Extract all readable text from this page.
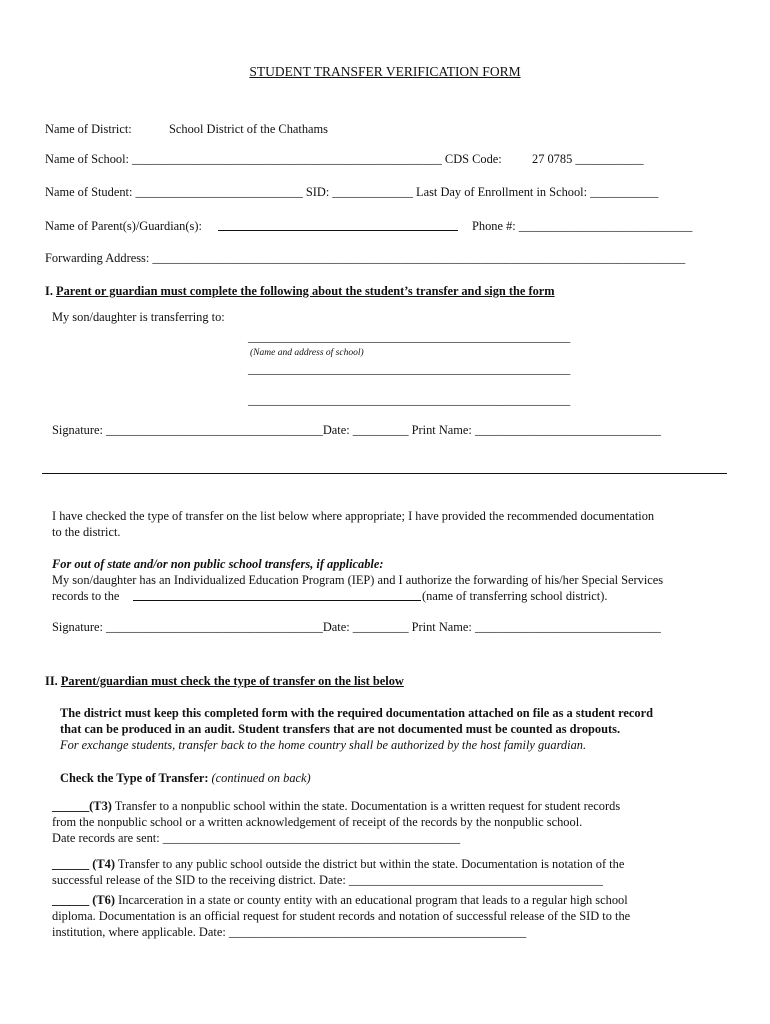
STUDENT TRANSFER VERIFICATION FORM
Name of District:	School District of the Chathams
Name of School: __________________________________________________ CDS Code: 27 0785 ___________
Name of Student: ___________________________ SID: _____________ Last Day of Enrollment in School: ___________
Name of Parent(s)/Guardian(s):	Phone #: ____________________________
Forwarding Address: ______________________________________________________________________________________
I. Parent or guardian must complete the following about the student’s transfer and sign the form
My son/daughter is transferring to:
____________________________________________________
(Name and address of school)
____________________________________________________
____________________________________________________
Signature: ___________________________________Date: _________ Print Name: ______________________________
I have checked the type of transfer on the list below where appropriate; I have provided the recommended documentation
to the district.
For out of state and/or non public school transfers, if applicable:
My son/daughter has an Individualized Education Program (IEP) and I authorize the forwarding of his/her Special Services
records to the	(name of transferring school district).
Signature: ___________________________________Date: _________ Print Name: ______________________________
II. Parent/guardian must check the type of transfer on the list below
The district must keep this completed form with the required documentation attached on file as a student record
that can be produced in an audit. Student transfers that are not documented must be counted as dropouts.
For exchange students, transfer back to the home country shall be authorized by the host family guardian.
Check the Type of Transfer: (continued on back)
______(T3) Transfer to a nonpublic school within the state. Documentation is a written request for student records
from the nonpublic school or a written acknowledgement of receipt of the records by the nonpublic school.
Date records are sent: ________________________________________________
______ (T4) Transfer to any public school outside the district but within the state. Documentation is notation of the
successful release of the SID to the receiving district. Date: _________________________________________
______ (T6) Incarceration in a state or county entity with an educational program that leads to a regular high school
diploma. Documentation is an official request for student records and notation of successful release of the SID to the
institution, where applicable. Date: ________________________________________________
